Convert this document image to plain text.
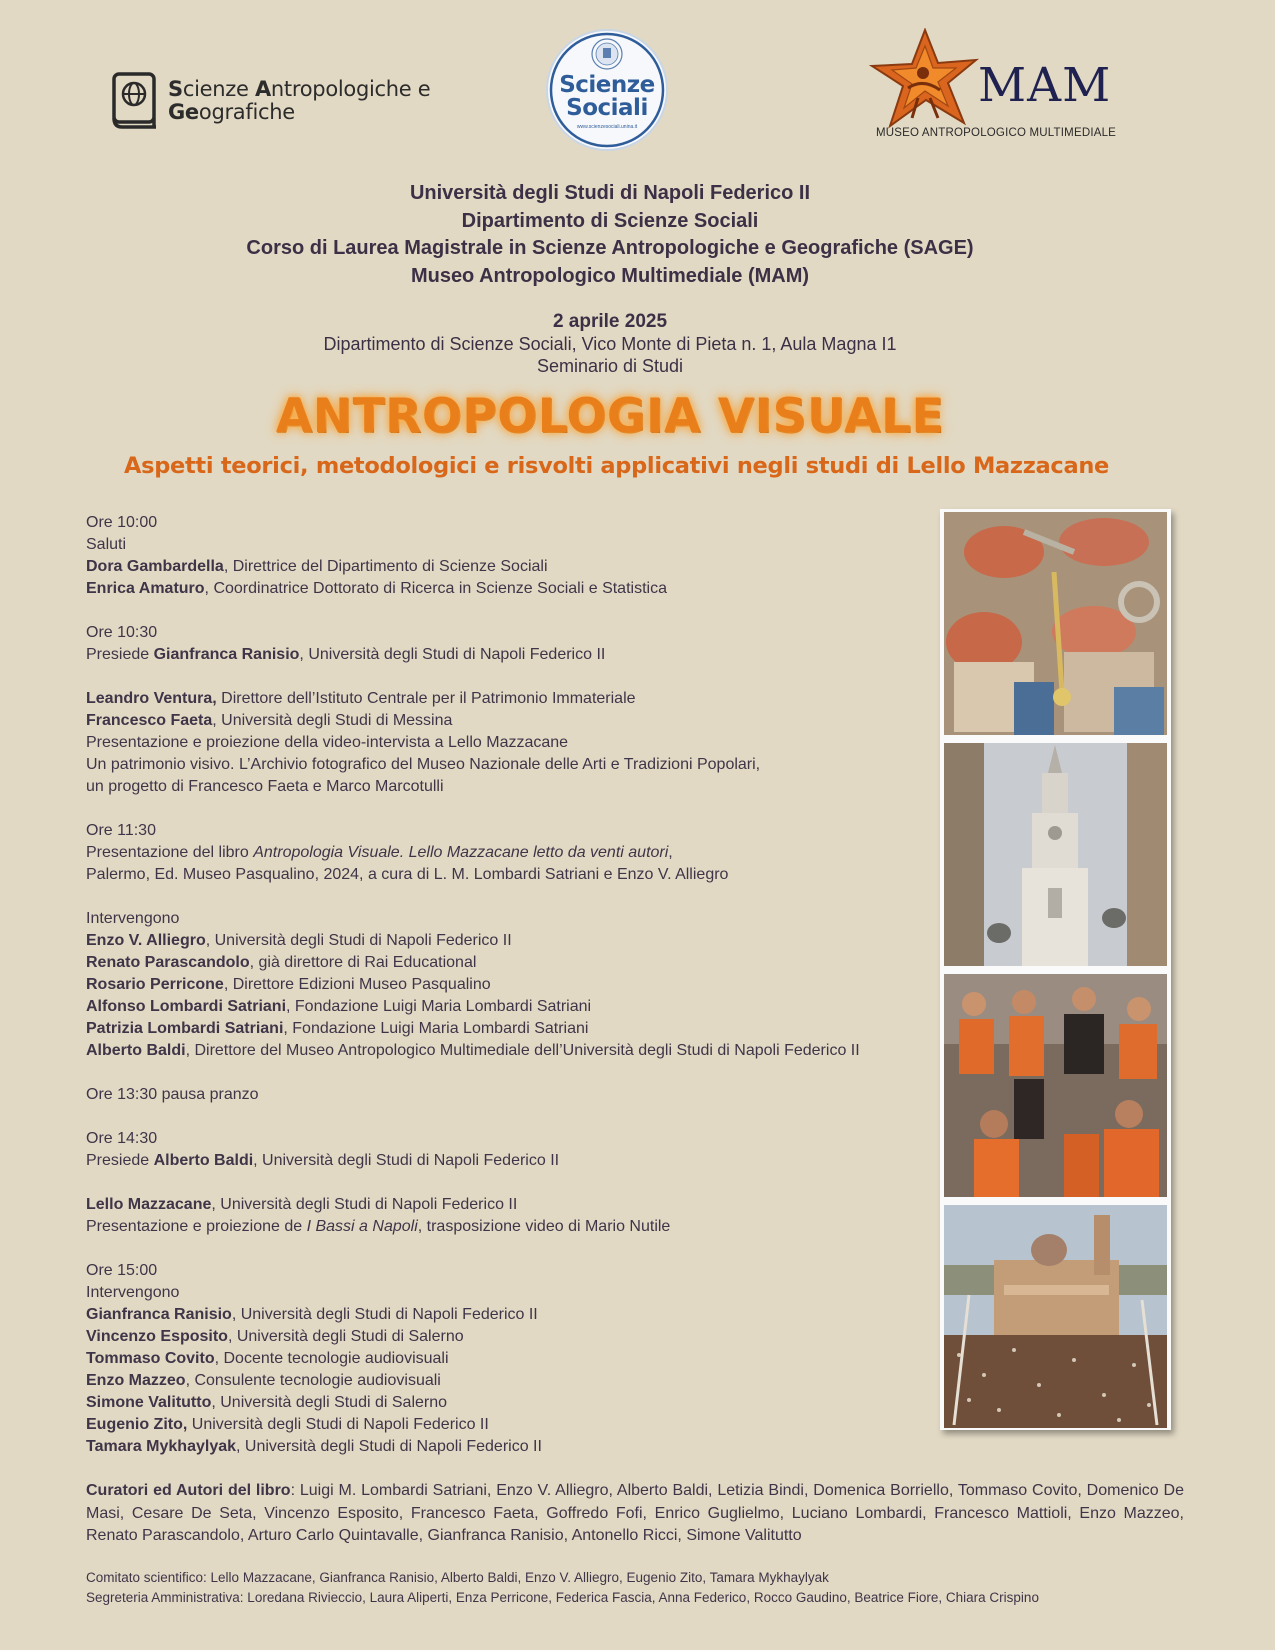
Scienze Antropologiche e
Geografiche
Scienze
Sociali
www.scienzesociali.unina.it
MAM
MUSEO ANTROPOLOGICO MULTIMEDIALE
Università degli Studi di Napoli Federico II
Dipartimento di Scienze Sociali
Corso di Laurea Magistrale in Scienze Antropologiche e Geografiche (SAGE)
Museo Antropologico Multimediale (MAM)
2 aprile 2025
Dipartimento di Scienze Sociali, Vico Monte di Pieta n. 1, Aula Magna I1
Seminario di Studi
ANTROPOLOGIA VISUALE
Aspetti teorici, metodologici e risvolti applicativi negli studi di Lello Mazzacane
Ore 10:00
Saluti
Dora Gambardella, Direttrice del Dipartimento di Scienze Sociali
Enrica Amaturo, Coordinatrice Dottorato di Ricerca in Scienze Sociali e Statistica
Ore 10:30
Presiede Gianfranca Ranisio, Università degli Studi di Napoli Federico II
Leandro Ventura, Direttore dell’Istituto Centrale per il Patrimonio Immateriale
Francesco Faeta, Università degli Studi di Messina
Presentazione e proiezione della video-intervista a Lello Mazzacane
Un patrimonio visivo. L’Archivio fotografico del Museo Nazionale delle Arti e Tradizioni Popolari,
un progetto di Francesco Faeta e Marco Marcotulli
Ore 11:30
Presentazione del libro Antropologia Visuale. Lello Mazzacane letto da venti autori,
Palermo, Ed. Museo Pasqualino, 2024, a cura di L. M. Lombardi Satriani e Enzo V. Alliegro
Intervengono
Enzo V. Alliegro, Università degli Studi di Napoli Federico II
Renato Parascandolo, già direttore di Rai Educational
Rosario Perricone, Direttore Edizioni Museo Pasqualino
Alfonso Lombardi Satriani, Fondazione Luigi Maria Lombardi Satriani
Patrizia Lombardi Satriani, Fondazione Luigi Maria Lombardi Satriani
Alberto Baldi, Direttore del Museo Antropologico Multimediale dell’Università degli Studi di Napoli Federico II
Ore 13:30 pausa pranzo
Ore 14:30
Presiede Alberto Baldi, Università degli Studi di Napoli Federico II
Lello Mazzacane, Università degli Studi di Napoli Federico II
Presentazione e proiezione de I Bassi a Napoli, trasposizione video di Mario Nutile
Ore 15:00
Intervengono
Gianfranca Ranisio, Università degli Studi di Napoli Federico II
Vincenzo Esposito, Università degli Studi di Salerno
Tommaso Covito, Docente tecnologie audiovisuali
Enzo Mazzeo, Consulente tecnologie audiovisuali
Simone Valitutto, Università degli Studi di Salerno
Eugenio Zito, Università degli Studi di Napoli Federico II
Tamara Mykhaylyak, Università degli Studi di Napoli Federico II
Curatori ed Autori del libro: Luigi M. Lombardi Satriani, Enzo V. Alliegro, Alberto Baldi, Letizia Bindi, Domenica Borriello, Tommaso Covito, Domenico De Masi, Cesare De Seta, Vincenzo Esposito, Francesco Faeta, Goffredo Fofi, Enrico Guglielmo, Luciano Lombardi, Francesco Mattioli, Enzo Mazzeo, Renato Parascandolo, Arturo Carlo Quintavalle, Gianfranca Ranisio, Antonello Ricci, Simone Valitutto
Comitato scientifico: Lello Mazzacane, Gianfranca Ranisio, Alberto Baldi, Enzo V. Alliegro, Eugenio Zito, Tamara Mykhaylyak
Segreteria Amministrativa: Loredana Rivieccio, Laura Aliperti, Enza Perricone, Federica Fascia, Anna Federico, Rocco Gaudino, Beatrice Fiore, Chiara Crispino
